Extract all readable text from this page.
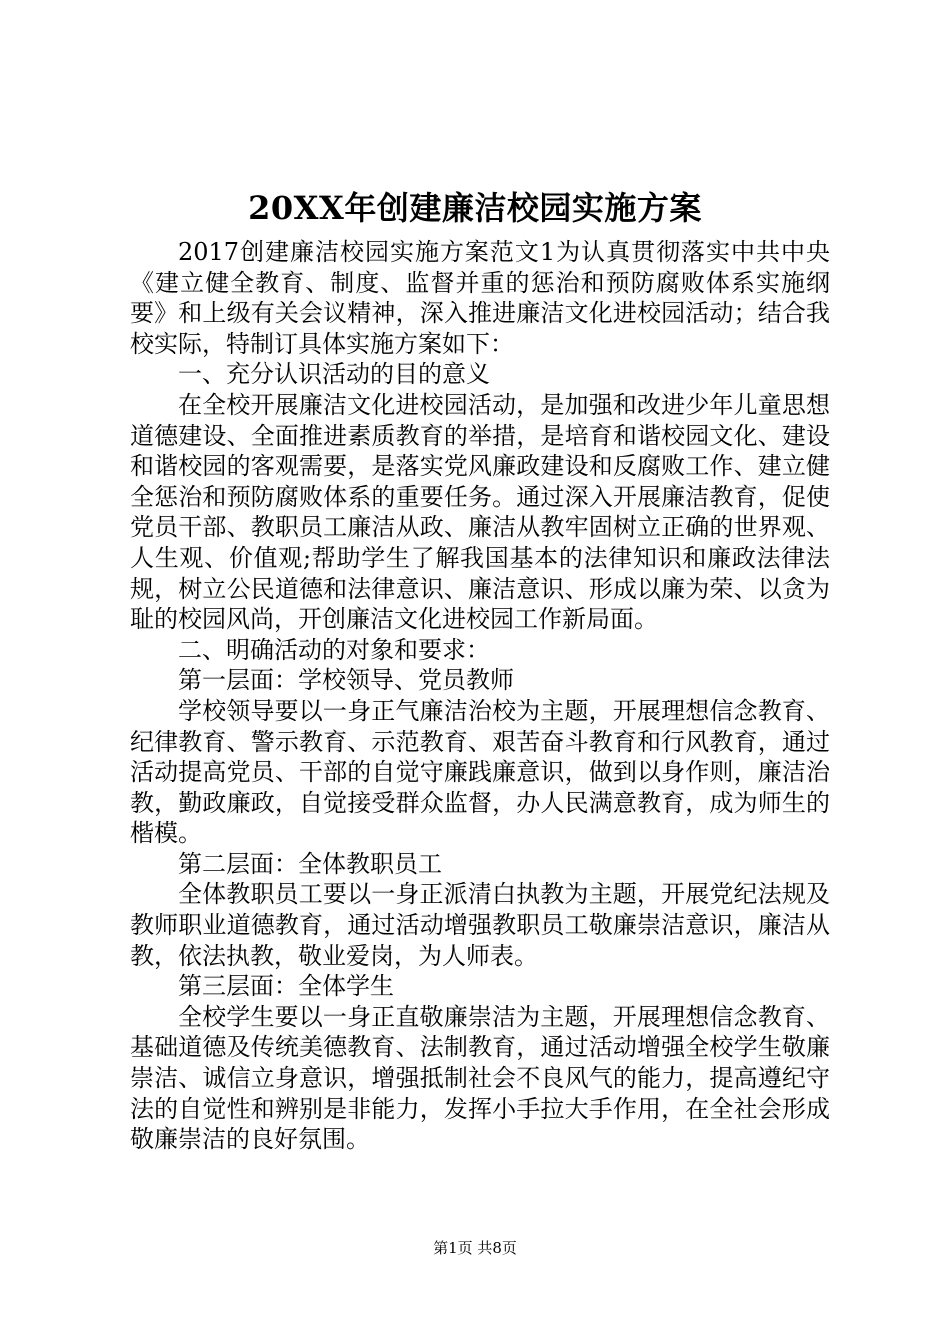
20XX年创建廉洁校园实施方案

2017创建廉洁校园实施方案范文1为认真贯彻落实中共中央《建立健全教育、制度、监督并重的惩治和预防腐败体系实施纲要》和上级有关会议精神，深入推进廉洁文化进校园活动；结合我校实际，特制订具体实施方案如下：

一、充分认识活动的目的意义

在全校开展廉洁文化进校园活动，是加强和改进少年儿童思想道德建设、全面推进素质教育的举措，是培育和谐校园文化、建设和谐校园的客观需要，是落实党风廉政建设和反腐败工作、建立健全惩治和预防腐败体系的重要任务。通过深入开展廉洁教育，促使党员干部、教职员工廉洁从政、廉洁从教牢固树立正确的世界观、人生观、价值观;帮助学生了解我国基本的法律知识和廉政法律法规，树立公民道德和法律意识、廉洁意识、形成以廉为荣、以贪为耻的校园风尚，开创廉洁文化进校园工作新局面。

二、明确活动的对象和要求：

第一层面：学校领导、党员教师

学校领导要以一身正气廉洁治校为主题，开展理想信念教育、纪律教育、警示教育、示范教育、艰苦奋斗教育和行风教育，通过活动提高党员、干部的自觉守廉践廉意识，做到以身作则，廉洁治教，勤政廉政，自觉接受群众监督，办人民满意教育，成为师生的楷模。

第二层面：全体教职员工

全体教职员工要以一身正派清白执教为主题，开展党纪法规及教师职业道德教育，通过活动增强教职员工敬廉崇洁意识，廉洁从教，依法执教，敬业爱岗，为人师表。

第三层面：全体学生

全校学生要以一身正直敬廉崇洁为主题，开展理想信念教育、基础道德及传统美德教育、法制教育，通过活动增强全校学生敬廉崇洁、诚信立身意识，增强抵制社会不良风气的能力，提高遵纪守法的自觉性和辨别是非能力，发挥小手拉大手作用，在全社会形成敬廉崇洁的良好氛围。

第1页 共8页
